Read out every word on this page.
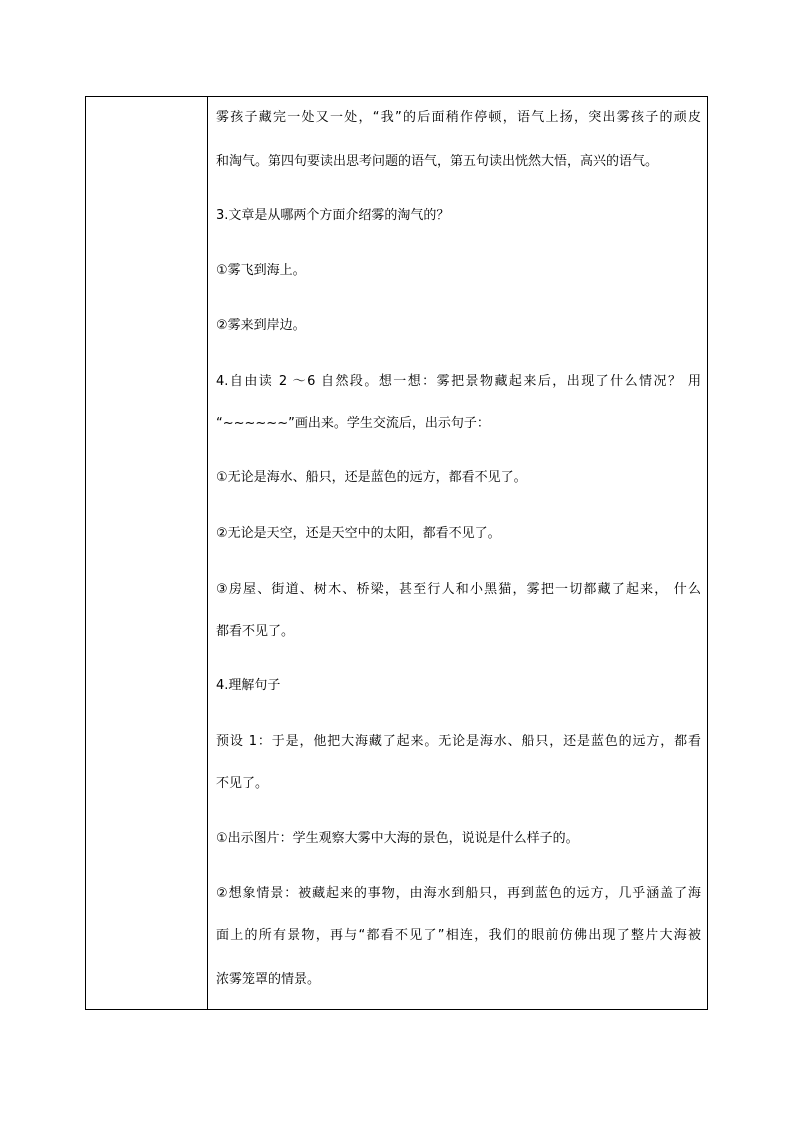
雾孩子藏完一处又一处，“我”的后面稍作停顿，语气上扬，突出雾孩子的顽皮
和淘气。第四句要读出思考问题的语气，第五句读出恍然大悟，高兴的语气。
3.文章是从哪两个方面介绍雾的淘气的？
①雾飞到海上。
②雾来到岸边。
4.自由读 2 ～6 自然段。想一想：雾把景物藏起来后，出现了什么情况？ 用
“~~~~~~”画出来。学生交流后，出示句子：
①无论是海水、船只，还是蓝色的远方，都看不见了。
②无论是天空，还是天空中的太阳，都看不见了。
③房屋、街道、树木、桥梁，甚至行人和小黑猫，雾把一切都藏了起来， 什么
都看不见了。
4.理解句子
预设 1：于是，他把大海藏了起来。无论是海水、船只，还是蓝色的远方，都看
不见了。
①出示图片：学生观察大雾中大海的景色，说说是什么样子的。
②想象情景：被藏起来的事物，由海水到船只，再到蓝色的远方，几乎涵盖了海
面上的所有景物，再与“都看不见了”相连，我们的眼前仿佛出现了整片大海被
浓雾笼罩的情景。
